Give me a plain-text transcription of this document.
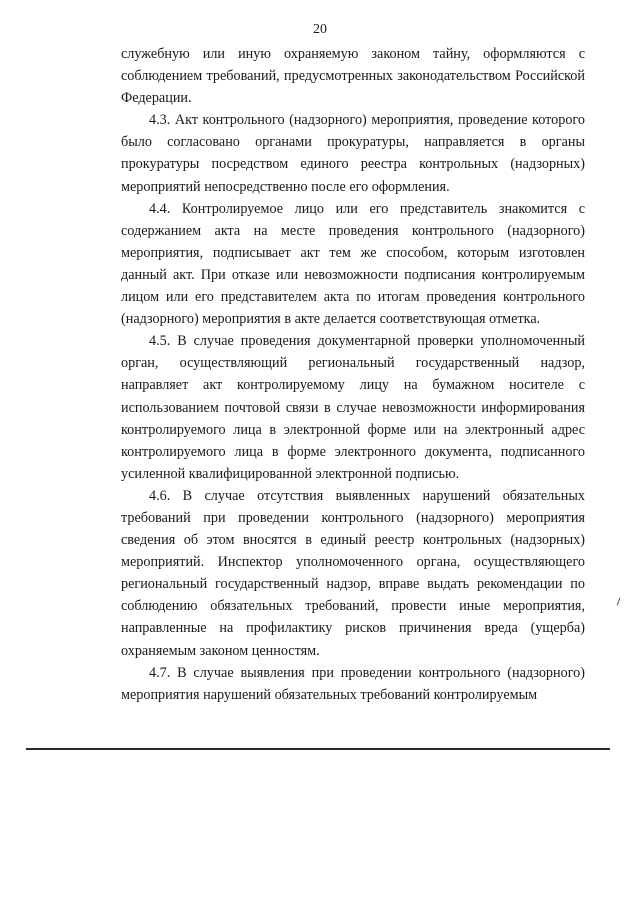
20

служебную или иную охраняемую законом тайну, оформляются с соблюдением требований, предусмотренных законодательством Российской Федерации.

4.3. Акт контрольного (надзорного) мероприятия, проведение которого было согласовано органами прокуратуры, направляется в органы прокуратуры посредством единого реестра контрольных (надзорных) мероприятий непосредственно после его оформления.

4.4. Контролируемое лицо или его представитель знакомится с содержанием акта на месте проведения контрольного (надзорного) мероприятия, подписывает акт тем же способом, которым изготовлен данный акт. При отказе или невозможности подписания контролируемым лицом или его представителем акта по итогам проведения контрольного (надзорного) мероприятия в акте делается соответствующая отметка.

4.5. В случае проведения документарной проверки уполномоченный орган, осуществляющий региональный государственный надзор, направляет акт контролируемому лицу на бумажном носителе с использованием почтовой связи в случае невозможности информирования контролируемого лица в электронной форме или на электронный адрес контролируемого лица в форме электронного документа, подписанного усиленной квалифицированной электронной подписью.

4.6. В случае отсутствия выявленных нарушений обязательных требований при проведении контрольного (надзорного) мероприятия сведения об этом вносятся в единый реестр контрольных (надзорных) мероприятий. Инспектор уполномоченного органа, осуществляющего региональный государственный надзор, вправе выдать рекомендации по соблюдению обязательных требований, провести иные мероприятия, направленные на профилактику рисков причинения вреда (ущерба) охраняемым законом ценностям.

4.7. В случае выявления при проведении контрольного (надзорного) мероприятия нарушений обязательных требований контролируемым
